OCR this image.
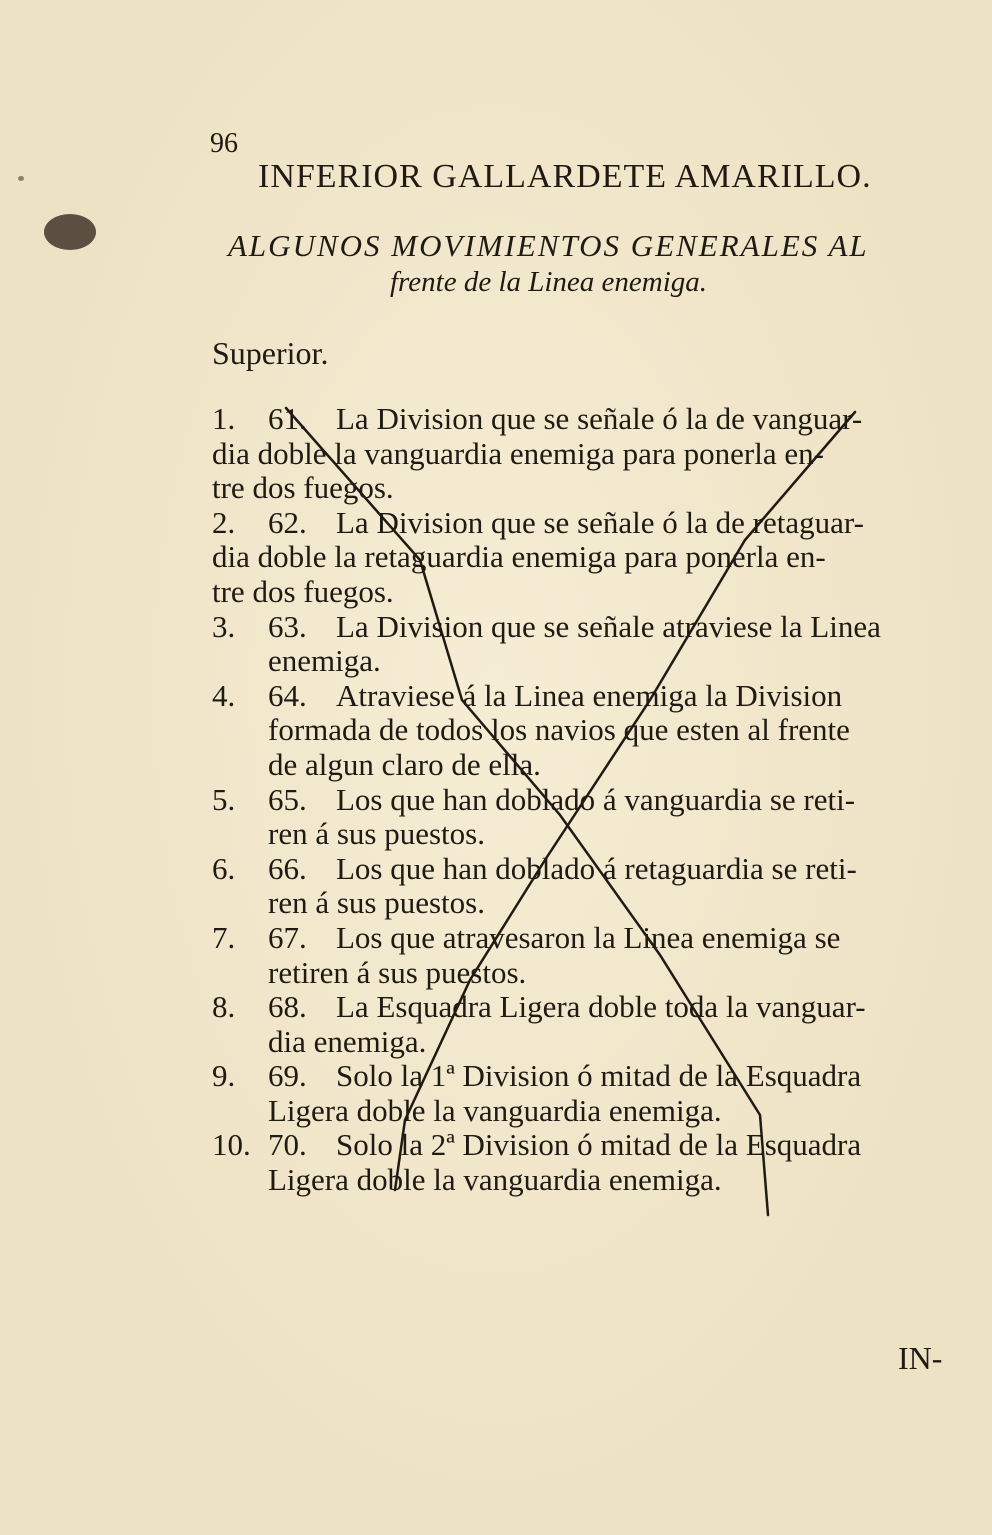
96
INFERIOR GALLARDETE AMARILLO.
ALGUNOS MOVIMIENTOS GENERALES AL
frente de la Linea enemiga.
Superior.
1.	61. La Division que se señale ó la de vanguar-
dia doble la vanguardia enemiga para ponerla en-
tre dos fuegos.
2.	62. La Division que se señale ó la de retaguar-
dia doble la retaguardia enemiga para ponerla en-
tre dos fuegos.
3.	63. La Division que se señale atraviese la Linea
enemiga.
4.	64. Atraviese á la Linea enemiga la Division
formada de todos los navios que esten al frente
de algun claro de ella.
5.	65. Los que han doblado á vanguardia se reti-
ren á sus puestos.
6.	66. Los que han doblado á retaguardia se reti-
ren á sus puestos.
7.	67. Los que atravesaron la Linea enemiga se
retiren á sus puestos.
8.	68. La Esquadra Ligera doble toda la vanguar-
dia enemiga.
9.	69. Solo la 1ª Division ó mitad de la Esquadra
Ligera doble la vanguardia enemiga.
10. 70. Solo la 2ª Division ó mitad de la Esquadra
Ligera doble la vanguardia enemiga.
IN-
